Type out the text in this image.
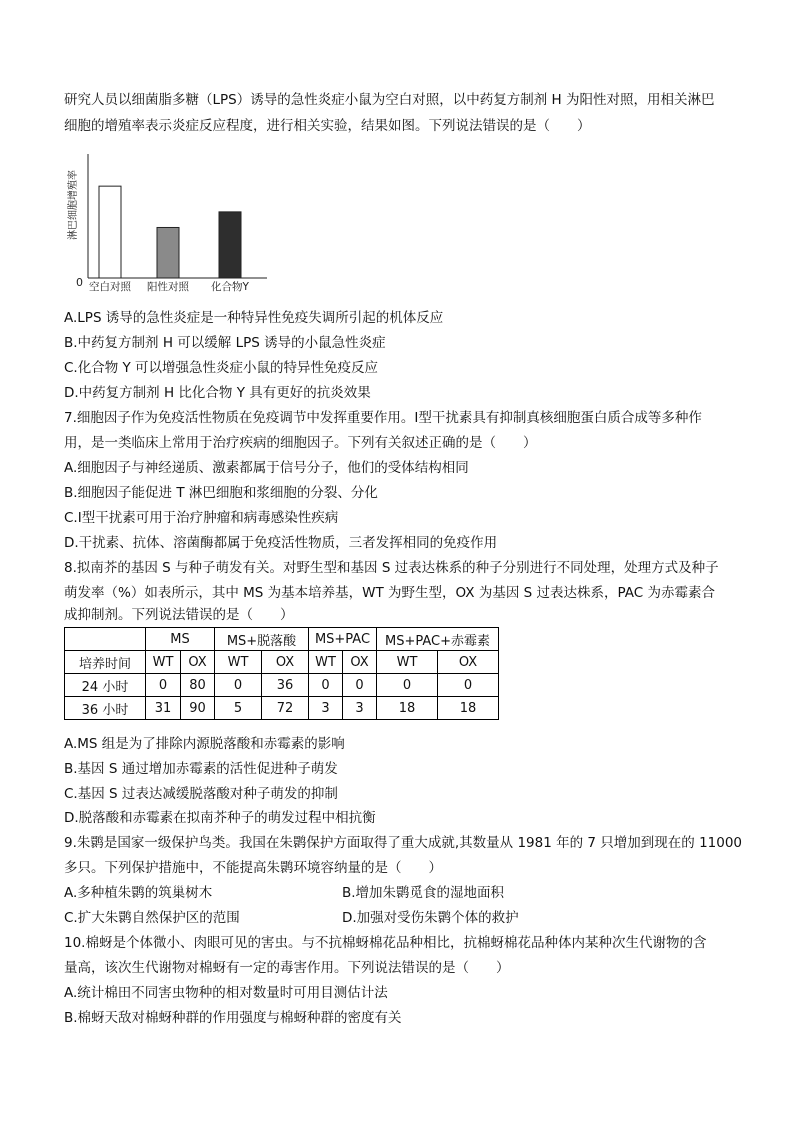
研究人员以细菌脂多糖（LPS）诱导的急性炎症小鼠为空白对照，以中药复方制剂 H 为阳性对照，用相关淋巴
细胞的增殖率表示炎症反应程度，进行相关实验，结果如图。下列说法错误的是（　　）
淋巴细胞增殖率
0 空白对照 阳性对照 化合物Y
A.LPS 诱导的急性炎症是一种特异性免疫失调所引起的机体反应
B.中药复方制剂 H 可以缓解 LPS 诱导的小鼠急性炎症
C.化合物 Y 可以增强急性炎症小鼠的特异性免疫反应
D.中药复方制剂 H 比化合物 Y 具有更好的抗炎效果
7.细胞因子作为免疫活性物质在免疫调节中发挥重要作用。Ⅰ型干扰素具有抑制真核细胞蛋白质合成等多种作
用，是一类临床上常用于治疗疾病的细胞因子。下列有关叙述正确的是（　　）
A.细胞因子与神经递质、激素都属于信号分子，他们的受体结构相同
B.细胞因子能促进 T 淋巴细胞和浆细胞的分裂、分化
C.Ⅰ型干扰素可用于治疗肿瘤和病毒感染性疾病
D.干扰素、抗体、溶菌酶都属于免疫活性物质，三者发挥相同的免疫作用
8.拟南芥的基因 S 与种子萌发有关。对野生型和基因 S 过表达株系的种子分别进行不同处理，处理方式及种子
萌发率（%）如表所示，其中 MS 为基本培养基，WT 为野生型，OX 为基因 S 过表达株系，PAC 为赤霉素合
成抑制剂。下列说法错误的是（　　）
	MS		MS+脱落酸		MS+PAC		MS+PAC+赤霉素	
培养时间	WT	OX	WT	OX	WT	OX	WT	OX
24 小时	0	80	0	36	0	0	0	0
36 小时	31	90	5	72	3	3	18	18
A.MS 组是为了排除内源脱落酸和赤霉素的影响
B.基因 S 通过增加赤霉素的活性促进种子萌发
C.基因 S 过表达减缓脱落酸对种子萌发的抑制
D.脱落酸和赤霉素在拟南芥种子的萌发过程中相抗衡
9.朱鹮是国家一级保护鸟类。我国在朱鹮保护方面取得了重大成就,其数量从 1981 年的 7 只增加到现在的 11000
多只。下列保护措施中，不能提高朱鹮环境容纳量的是（　　）
A.多种植朱鹮的筑巢树木	B.增加朱鹮觅食的湿地面积
C.扩大朱鹮自然保护区的范围	D.加强对受伤朱鹮个体的救护
10.棉蚜是个体微小、肉眼可见的害虫。与不抗棉蚜棉花品种相比，抗棉蚜棉花品种体内某种次生代谢物的含
量高，该次生代谢物对棉蚜有一定的毒害作用。下列说法错误的是（　　）
A.统计棉田不同害虫物种的相对数量时可用目测估计法
B.棉蚜天敌对棉蚜种群的作用强度与棉蚜种群的密度有关
